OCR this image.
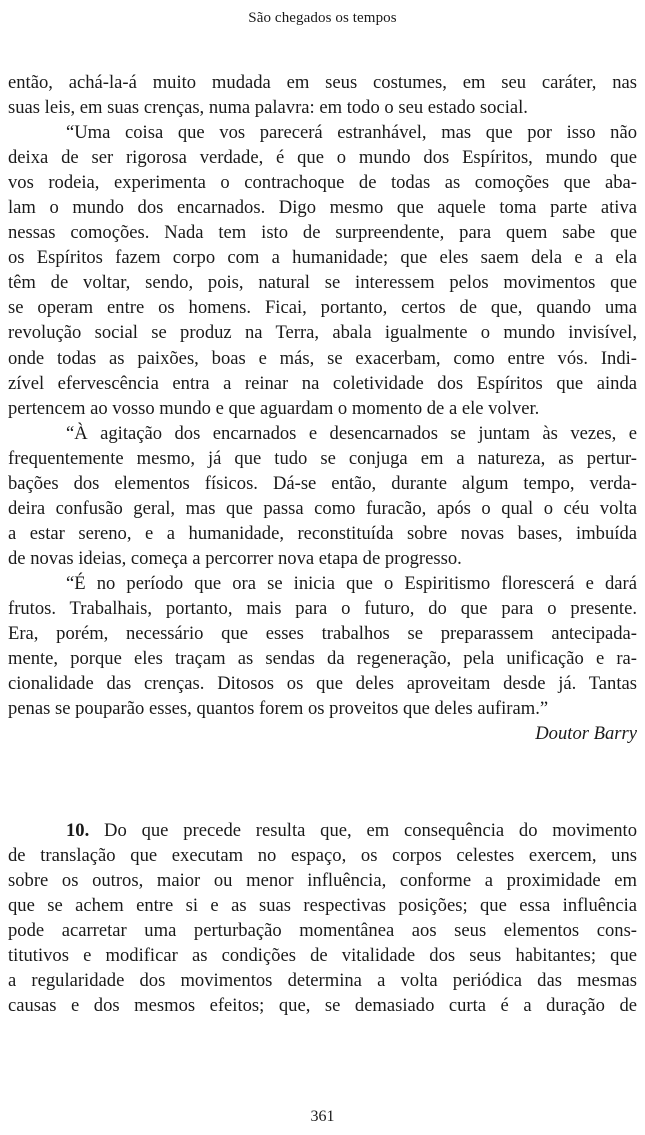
São chegados os tempos
então, achá-la-á muito mudada em seus costumes, em seu caráter, nas
suas leis, em suas crenças, numa palavra: em todo o seu estado social.
“Uma coisa que vos parecerá estranhável, mas que por isso não
deixa de ser rigorosa verdade, é que o mundo dos Espíritos, mundo que
vos rodeia, experimenta o contrachoque de todas as comoções que aba-
lam o mundo dos encarnados. Digo mesmo que aquele toma parte ativa
nessas comoções. Nada tem isto de surpreendente, para quem sabe que
os Espíritos fazem corpo com a humanidade; que eles saem dela e a ela
têm de voltar, sendo, pois, natural se interessem pelos movimentos que
se operam entre os homens. Ficai, portanto, certos de que, quando uma
revolução social se produz na Terra, abala igualmente o mundo invisível,
onde todas as paixões, boas e más, se exacerbam, como entre vós. Indi-
zível efervescência entra a reinar na coletividade dos Espíritos que ainda
pertencem ao vosso mundo e que aguardam o momento de a ele volver.
“À agitação dos encarnados e desencarnados se juntam às vezes, e
frequentemente mesmo, já que tudo se conjuga em a natureza, as pertur-
bações dos elementos físicos. Dá-se então, durante algum tempo, verda-
deira confusão geral, mas que passa como furacão, após o qual o céu volta
a estar sereno, e a humanidade, reconstituída sobre novas bases, imbuída
de novas ideias, começa a percorrer nova etapa de progresso.
“É no período que ora se inicia que o Espiritismo florescerá e dará
frutos. Trabalhais, portanto, mais para o futuro, do que para o presente.
Era, porém, necessário que esses trabalhos se preparassem antecipada-
mente, porque eles traçam as sendas da regeneração, pela unificação e ra-
cionalidade das crenças. Ditosos os que deles aproveitam desde já. Tantas
penas se pouparão esses, quantos forem os proveitos que deles aufiram.”
Doutor Barry
10. Do que precede resulta que, em consequência do movimento
de translação que executam no espaço, os corpos celestes exercem, uns
sobre os outros, maior ou menor influência, conforme a proximidade em
que se achem entre si e as suas respectivas posições; que essa influência
pode acarretar uma perturbação momentânea aos seus elementos cons-
titutivos e modificar as condições de vitalidade dos seus habitantes; que
a regularidade dos movimentos determina a volta periódica das mesmas
causas e dos mesmos efeitos; que, se demasiado curta é a duração de
361
